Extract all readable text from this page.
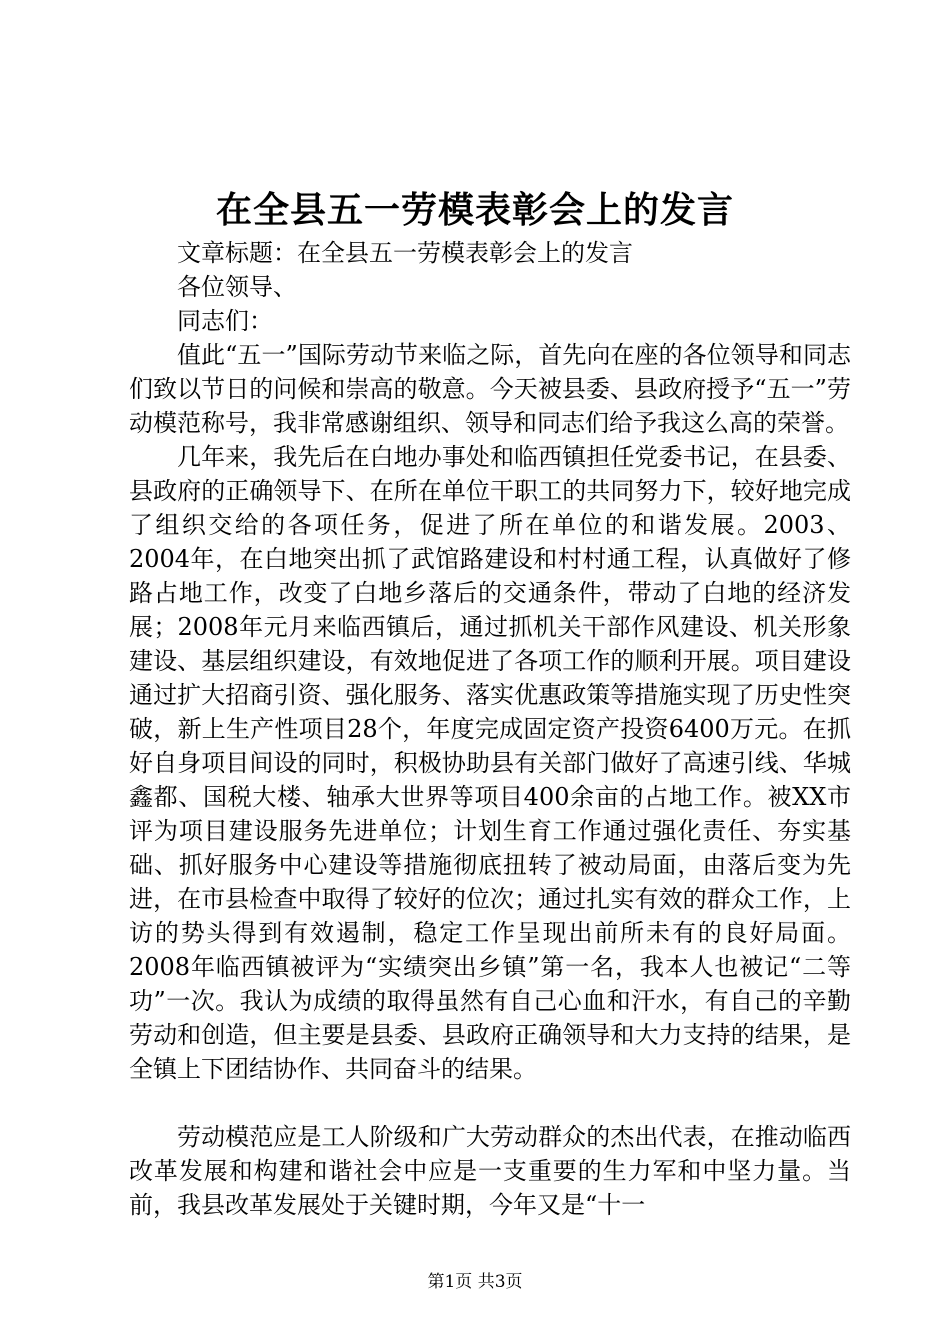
在全县五一劳模表彰会上的发言

文章标题：在全县五一劳模表彰会上的发言

各位领导、

同志们：

值此“五一”国际劳动节来临之际，首先向在座的各位领导和同志们致以节日的问候和崇高的敬意。今天被县委、县政府授予“五一”劳动模范称号，我非常感谢组织、领导和同志们给予我这么高的荣誉。

几年来，我先后在白地办事处和临西镇担任党委书记，在县委、县政府的正确领导下、在所在单位干职工的共同努力下，较好地完成了组织交给的各项任务，促进了所在单位的和谐发展。2003、2004年，在白地突出抓了武馆路建设和村村通工程，认真做好了修路占地工作，改变了白地乡落后的交通条件，带动了白地的经济发展；2008年元月来临西镇后，通过抓机关干部作风建设、机关形象建设、基层组织建设，有效地促进了各项工作的顺利开展。项目建设通过扩大招商引资、强化服务、落实优惠政策等措施实现了历史性突破，新上生产性项目28个，年度完成固定资产投资6400万元。在抓好自身项目间设的同时，积极协助县有关部门做好了高速引线、华城鑫都、国税大楼、轴承大世界等项目400余亩的占地工作。被XX市评为项目建设服务先进单位；计划生育工作通过强化责任、夯实基础、抓好服务中心建设等措施彻底扭转了被动局面，由落后变为先进，在市县检查中取得了较好的位次；通过扎实有效的群众工作，上访的势头得到有效遏制，稳定工作呈现出前所未有的良好局面。2008年临西镇被评为“实绩突出乡镇”第一名，我本人也被记“二等功”一次。我认为成绩的取得虽然有自己心血和汗水，有自己的辛勤劳动和创造，但主要是县委、县政府正确领导和大力支持的结果，是全镇上下团结协作、共同奋斗的结果。

劳动模范应是工人阶级和广大劳动群众的杰出代表，在推动临西改革发展和构建和谐社会中应是一支重要的生力军和中坚力量。当前，我县改革发展处于关键时期，今年又是“十一

第1页 共3页
